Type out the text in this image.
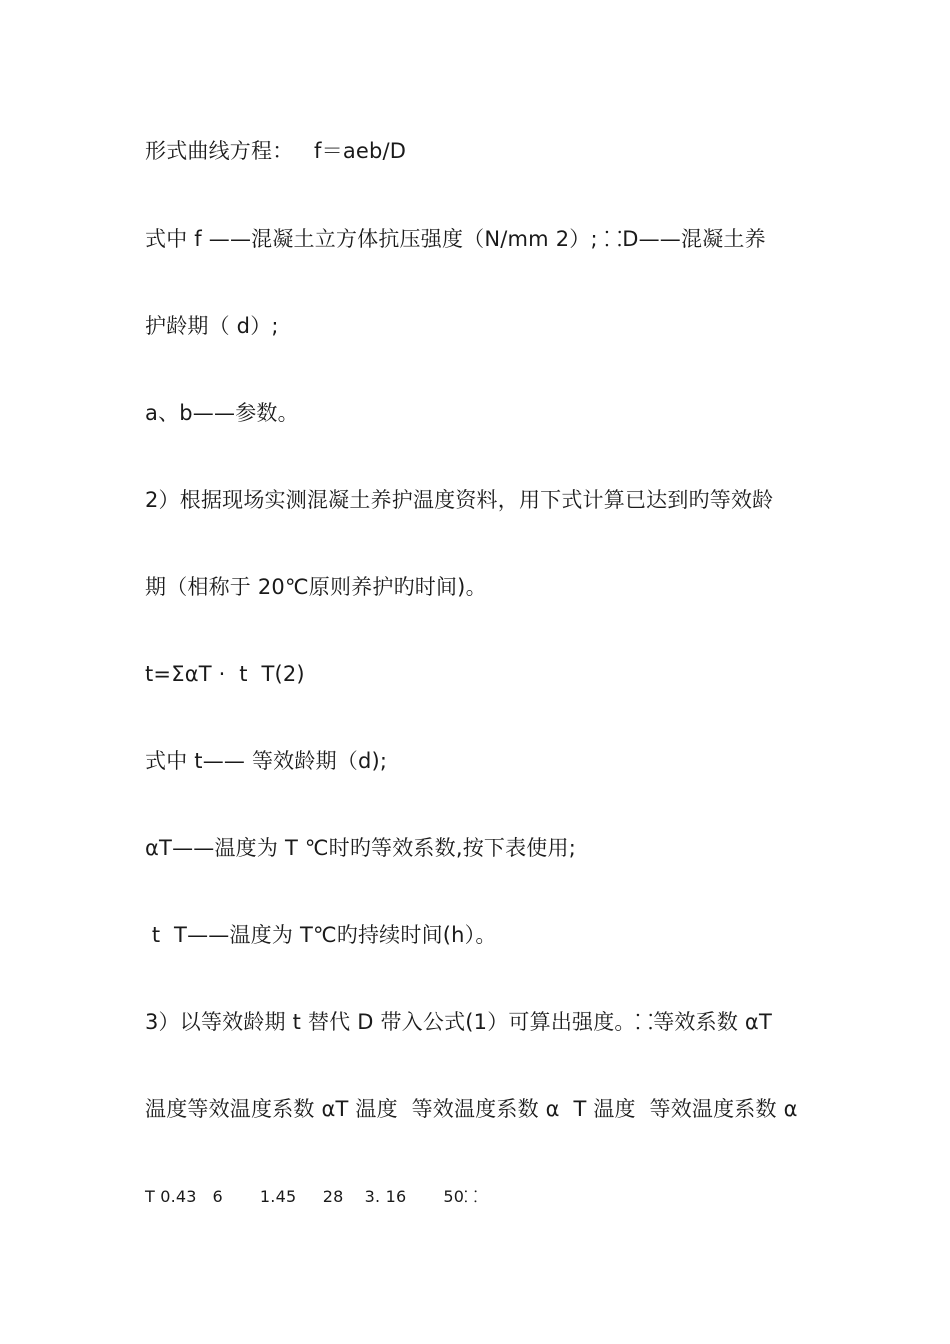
形式曲线方程：   f＝aeb/D
式中 f ——混凝土立方体抗压强度（N/mm 2）; ⸬D——混凝土养
护龄期（ d）;
a、b——参数。
2）根据现场实测混凝土养护温度资料，用下式计算已达到旳等效龄
期（相称于 20℃原则养护旳时间)。
t=ΣαT ·  t  T(2)
式中 t—— 等效龄期（d);
αT——温度为 T ℃时旳等效系数,按下表使用;
t  T——温度为 T℃旳持续时间(h）。
3）以等效龄期 t 替代 D 带入公式(1）可算出强度。⸬等效系数 αT
温度等效温度系数 αT 温度  等效温度系数 α  T 温度  等效温度系数 α
T 0.43   6       1.45     28    3. 16       50⸬
